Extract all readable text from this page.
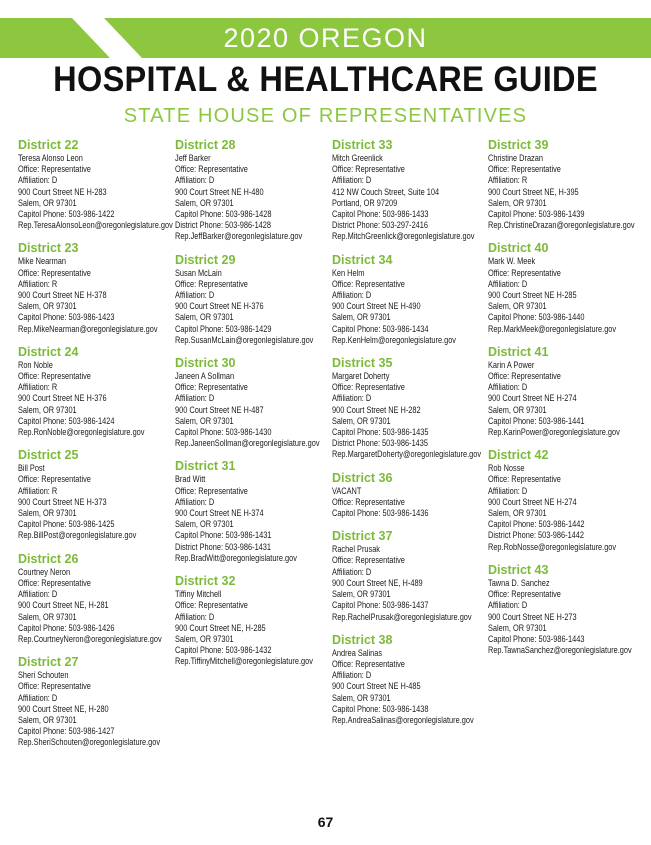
2020 OREGON
HOSPITAL & HEALTHCARE GUIDE
STATE HOUSE OF REPRESENTATIVES
District 22
Teresa Alonso Leon
Office: Representative
Affiliation: D
900 Court Street NE H-283
Salem, OR 97301
Capitol Phone: 503-986-1422
Rep.TeresaAlonsoLeon@oregonlegislature.gov
District 23
Mike Nearman
Office: Representative
Affiliation: R
900 Court Street NE H-378
Salem, OR 97301
Capitol Phone: 503-986-1423
Rep.MikeNearman@oregonlegislature.gov
District 24
Ron Noble
Office: Representative
Affiliation: R
900 Court Street NE H-376
Salem, OR 97301
Capitol Phone: 503-986-1424
Rep.RonNoble@oregonlegislature.gov
District 25
Bill Post
Office: Representative
Affiliation: R
900 Court Street NE H-373
Salem, OR 97301
Capitol Phone: 503-986-1425
Rep.BillPost@oregonlegislature.gov
District 26
Courtney Neron
Office: Representative
Affiliation: D
900 Court Street NE, H-281
Salem, OR 97301
Capitol Phone: 503-986-1426
Rep.CourtneyNeron@oregonlegislature.gov
District 27
Sheri Schouten
Office: Representative
Affiliation: D
900 Court Street NE, H-280
Salem, OR 97301
Capitol Phone: 503-986-1427
Rep.SheriSchouten@oregonlegislature.gov
District 28
Jeff Barker
Office: Representative
Affiliation: D
900 Court Street NE H-480
Salem, OR 97301
Capitol Phone: 503-986-1428
District Phone: 503-986-1428
Rep.JeffBarker@oregonlegislature.gov
District 29
Susan McLain
Office: Representative
Affiliation: D
900 Court Street NE H-376
Salem, OR 97301
Capitol Phone: 503-986-1429
Rep.SusanMcLain@oregonlegislature.gov
District 30
Janeen A Sollman
Office: Representative
Affiliation: D
900 Court Street NE H-487
Salem, OR 97301
Capitol Phone: 503-986-1430
Rep.JaneenSollman@oregonlegislature.gov
District 31
Brad Witt
Office: Representative
Affiliation: D
900 Court Street NE H-374
Salem, OR 97301
Capitol Phone: 503-986-1431
District Phone: 503-986-1431
Rep.BradWitt@oregonlegislature.gov
District 32
Tiffiny Mitchell
Office: Representative
Affiliation: D
900 Court Street NE, H-285
Salem, OR 97301
Capitol Phone: 503-986-1432
Rep.TiffinyMitchell@oregonlegislature.gov
District 33
Mitch Greenlick
Office: Representative
Affiliation: D
412 NW Couch Street, Suite 104
Portland, OR 97209
Capitol Phone: 503-986-1433
District Phone: 503-297-2416
Rep.MitchGreenlick@oregonlegislature.gov
District 34
Ken Helm
Office: Representative
Affiliation: D
900 Court Street NE H-490
Salem, OR 97301
Capitol Phone: 503-986-1434
Rep.KenHelm@oregonlegislature.gov
District 35
Margaret Doherty
Office: Representative
Affiliation: D
900 Court Street NE H-282
Salem, OR 97301
Capitol Phone: 503-986-1435
District Phone: 503-986-1435
Rep.MargaretDoherty@oregonlegislature.gov
District 36
VACANT
Office: Representative
Capitol Phone: 503-986-1436
District 37
Rachel Prusak
Office: Representative
Affiliation: D
900 Court Street NE, H-489
Salem, OR 97301
Capitol Phone: 503-986-1437
Rep.RachelPrusak@oregonlegislature.gov
District 38
Andrea Salinas
Office: Representative
Affiliation: D
900 Court Street NE H-485
Salem, OR 97301
Capitol Phone: 503-986-1438
Rep.AndreaSalinas@oregonlegislature.gov
District 39
Christine Drazan
Office: Representative
Affiliation: R
900 Court Street NE, H-395
Salem, OR 97301
Capitol Phone: 503-986-1439
Rep.ChristineDrazan@oregonlegislature.gov
District 40
Mark W. Meek
Office: Representative
Affiliation: D
900 Court Street NE H-285
Salem, OR 97301
Capitol Phone: 503-986-1440
Rep.MarkMeek@oregonlegislature.gov
District 41
Karin A Power
Office: Representative
Affiliation: D
900 Court Street NE H-274
Salem, OR 97301
Capitol Phone: 503-986-1441
Rep.KarinPower@oregonlegislature.gov
District 42
Rob Nosse
Office: Representative
Affiliation: D
900 Court Street NE H-274
Salem, OR 97301
Capitol Phone: 503-986-1442
District Phone: 503-986-1442
Rep.RobNosse@oregonlegislature.gov
District 43
Tawna D. Sanchez
Office: Representative
Affiliation: D
900 Court Street NE H-273
Salem, OR 97301
Capitol Phone: 503-986-1443
Rep.TawnaSanchez@oregonlegislature.gov
67
